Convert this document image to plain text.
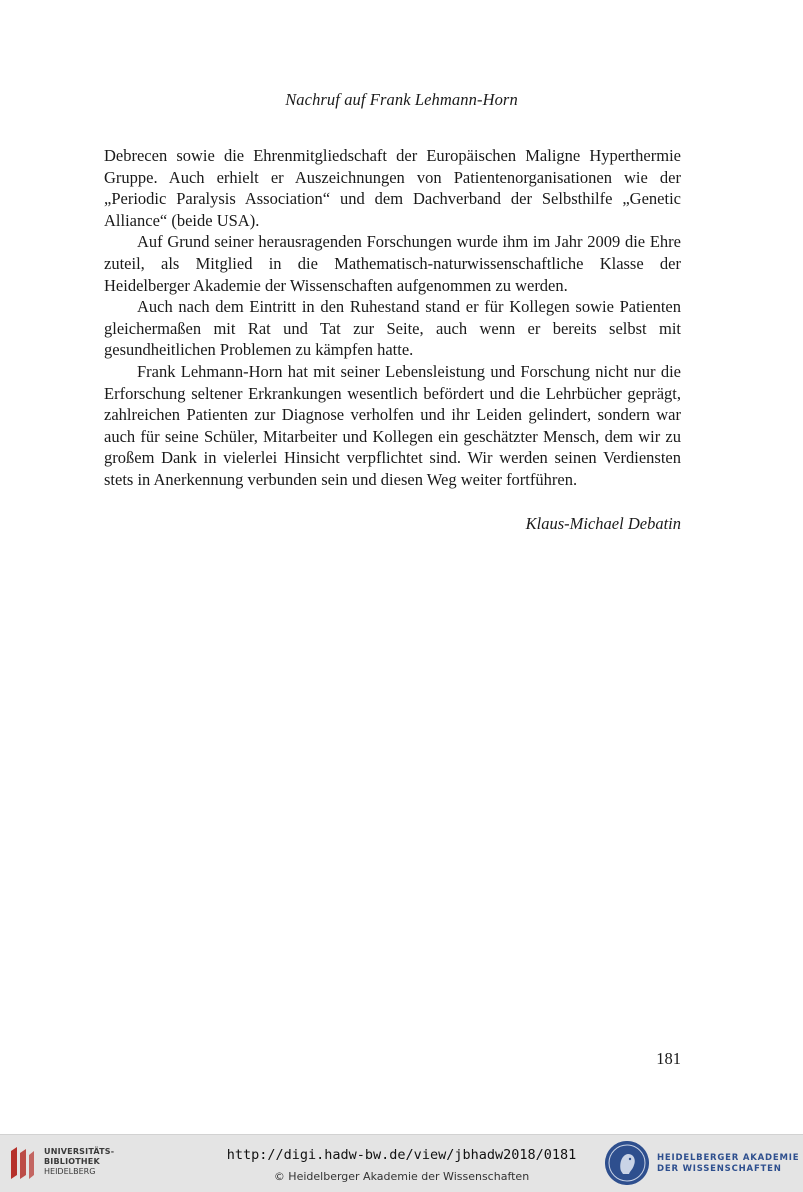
Nachruf auf Frank Lehmann-Horn

Debrecen sowie die Ehrenmitgliedschaft der Europäischen Maligne Hyperthermie Gruppe. Auch erhielt er Auszeichnungen von Patientenorganisationen wie der „Periodic Paralysis Association“ und dem Dachverband der Selbsthilfe „Genetic Alliance“ (beide USA).

Auf Grund seiner herausragenden Forschungen wurde ihm im Jahr 2009 die Ehre zuteil, als Mitglied in die Mathematisch-naturwissenschaftliche Klasse der Heidelberger Akademie der Wissenschaften aufgenommen zu werden.

Auch nach dem Eintritt in den Ruhestand stand er für Kollegen sowie Patienten gleichermaßen mit Rat und Tat zur Seite, auch wenn er bereits selbst mit gesundheitlichen Problemen zu kämpfen hatte.

Frank Lehmann-Horn hat mit seiner Lebensleistung und Forschung nicht nur die Erforschung seltener Erkrankungen wesentlich befördert und die Lehrbücher geprägt, zahlreichen Patienten zur Diagnose verholfen und ihr Leiden gelindert, sondern war auch für seine Schüler, Mitarbeiter und Kollegen ein geschätzter Mensch, dem wir zu großem Dank in vielerlei Hinsicht verpflichtet sind. Wir werden seinen Verdiensten stets in Anerkennung verbunden sein und diesen Weg weiter fortführen.

Klaus-Michael Debatin
181
UNIVERSITÄTS-
BIBLIOTHEK
HEIDELBERG
http://digi.hadw-bw.de/view/jbhadw2018/0181
© Heidelberger Akademie der Wissenschaften
HEIDELBERGER AKADEMIE
DER WISSENSCHAFTEN
